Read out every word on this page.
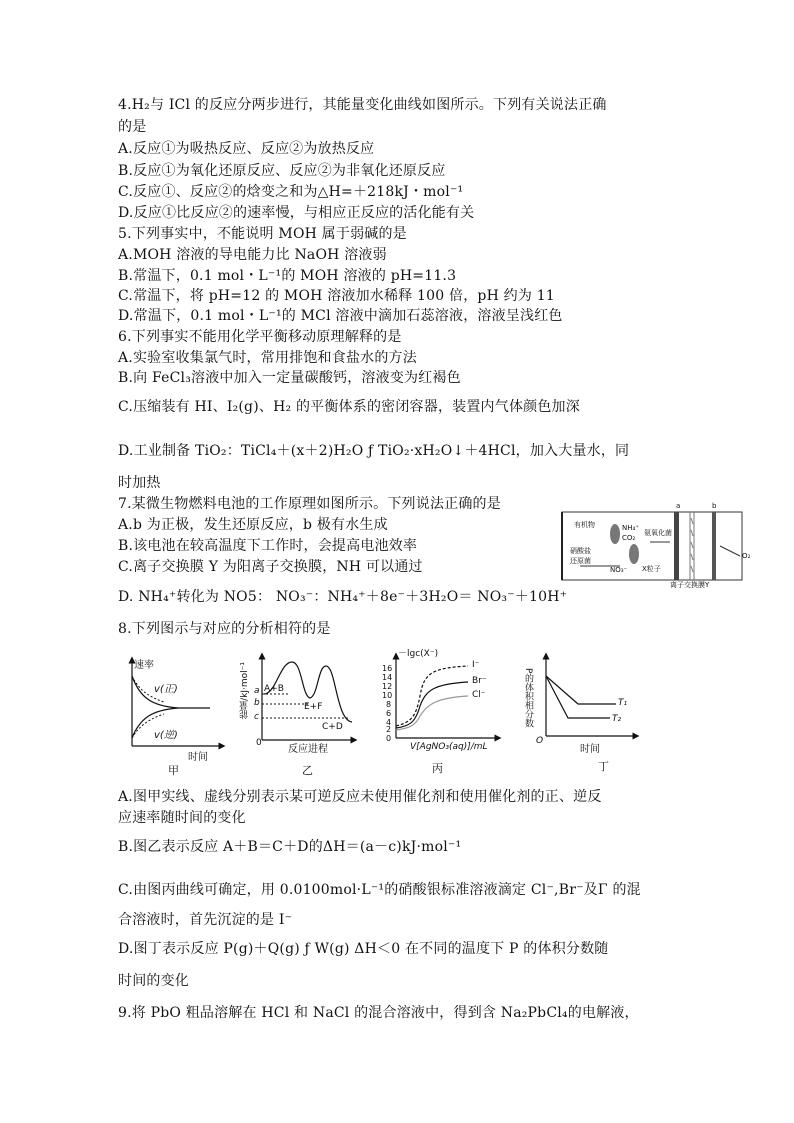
4.H₂与 ICl 的反应分两步进行，其能量变化曲线如图所示。下列有关说法正确
的是
A.反应①为吸热反应、反应②为放热反应
B.反应①为氧化还原反应、反应②为非氧化还原反应
C.反应①、反应②的焓变之和为△H=＋218kJ・mol⁻¹
D.反应①比反应②的速率慢，与相应正反应的活化能有关
5.下列事实中，不能说明 MOH 属于弱碱的是
A.MOH 溶液的导电能力比 NaOH 溶液弱
B.常温下，0.1 mol・L⁻¹的 MOH 溶液的 pH=11.3
C.常温下，将 pH=12 的 MOH 溶液加水稀释 100 倍，pH 约为 11
D.常温下，0.1 mol・L⁻¹的 MCl 溶液中滴加石蕊溶液，溶液呈浅红色
6.下列事实不能用化学平衡移动原理解释的是
A.实验室收集氯气时，常用排饱和食盐水的方法
B.向 FeCl₃溶液中加入一定量碳酸钙，溶液变为红褐色
C.压缩装有 HI、I₂(g)、H₂ 的平衡体系的密闭容器，装置内气体颜色加深
D.工业制备 TiO₂：TiCl₄＋(x＋2)H₂O ƒ TiO₂·xH₂O↓＋4HCl，加入大量水，同
时加热
7.某微生物燃料电池的工作原理如图所示。下列说法正确的是
A.b 为正极，发生还原反应，b 极有水生成
B.该电池在较高温度下工作时，会提高电池效率
C.离子交换膜 Y 为阳离子交换膜，NH 可以通过
D. NH₄⁺转化为 NO5： NO₃⁻：NH₄⁺＋8e⁻＋3H₂O＝ NO₃⁻＋10H⁺
8.下列图示与对应的分析相符的是
A.图甲实线、虚线分别表示某可逆反应未使用催化剂和使用催化剂的正、逆反
应速率随时间的变化
B.图乙表示反应 A＋B＝C＋D的ΔH＝(a－c)kJ·mol⁻¹
C.由图丙曲线可确定，用 0.0100mol·L⁻¹的硝酸银标准溶液滴定 Cl⁻,Br⁻及Γ 的混
合溶液时，首先沉淀的是 I⁻
D.图丁表示反应 P(g)＋Q(g) ƒ W(g) ΔH＜0 在不同的温度下 P 的体积分数随
时间的变化
9.将 PbO 粗品溶解在 HCl 和 NaCl 的混合溶液中，得到含 Na₂PbCl₄的电解液，
有机物	NH₄⁺
CO₂
硝酸盐
还原菌
氨氧化菌
NO₃⁻ X粒子
a	b
O₂
离子交换膜Y
速率
时间
v(正)
v(逆)
甲
能量/kJ·mol⁻¹ a
b
c
A+B
E+F
C+D
0
反应进程
乙
－lgc(X⁻)
16
14
12
10
8
6
4
2
0
I⁻
Br⁻
Cl⁻
V[AgNO₃(aq)]/mL
丙
P的体积相分数	T₁
T₂
O
时间
丁
